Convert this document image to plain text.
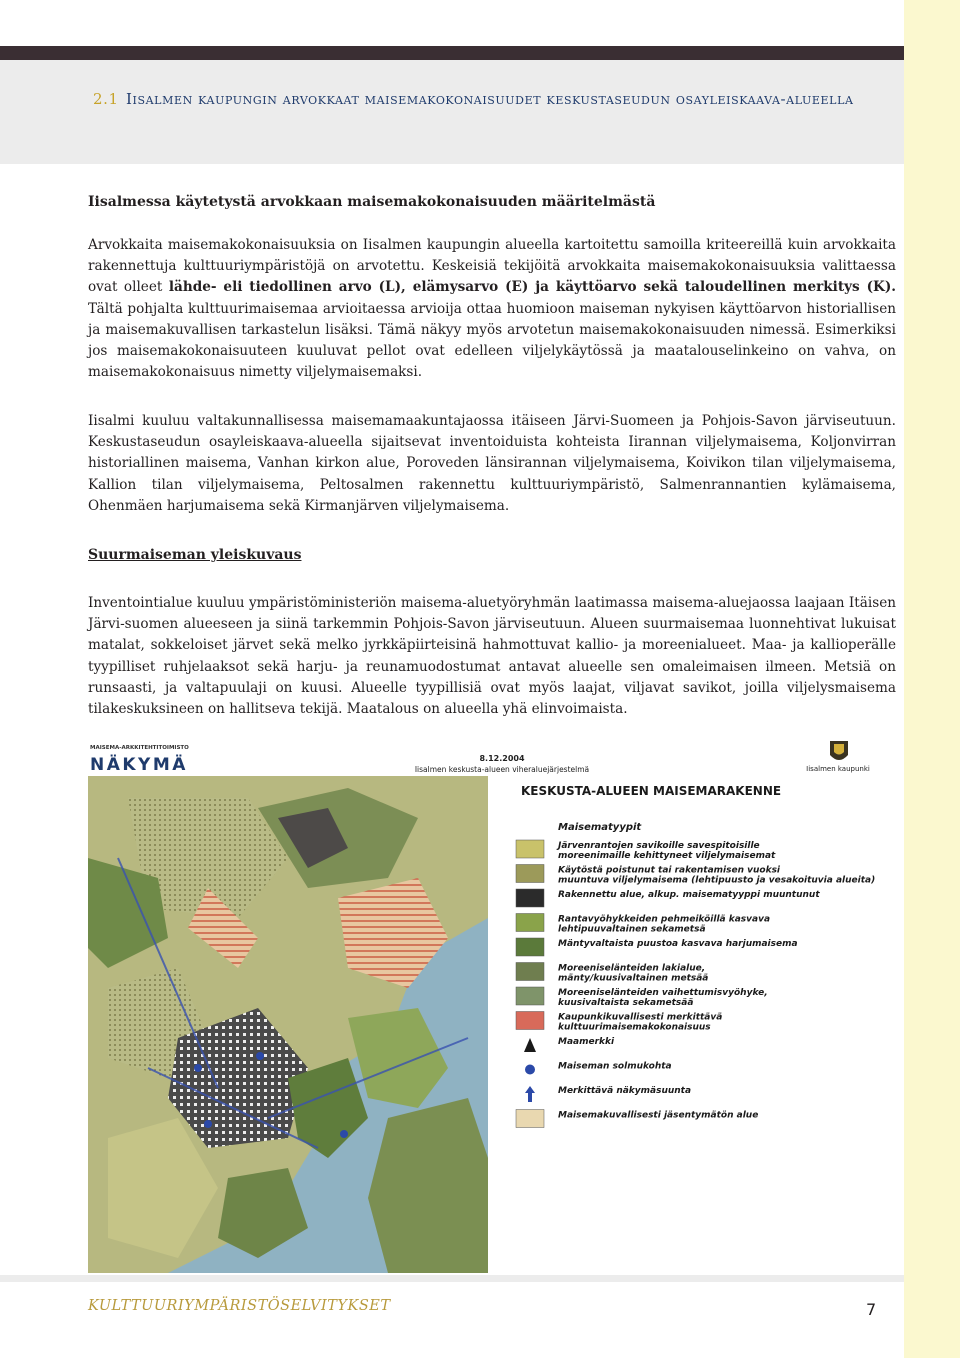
2.1 Iisalmen kaupungin arvokkaat maisemakokonaisuudet keskustaseudun osayleiskaava-alueella
Iisalmessa käytetystä arvokkaan maisemakokonaisuuden määritelmästä

Arvokkaita maisemakokonaisuuksia on Iisalmen kaupungin alueella kartoitettu samoilla kriteereillä kuin arvokkaita rakennettuja kulttuuriympäristöjä on arvotettu. Keskeisiä tekijöitä arvokkaita maisemakokonaisuuksia valittaessa ovat olleet lähde- eli tiedollinen arvo (L), elämysarvo (E) ja käyttöarvo sekä taloudellinen merkitys (K). Tältä pohjalta kulttuurimaisemaa arvioitaessa arvioija ottaa huomioon maiseman nykyisen käyttöarvon historiallisen ja maisemakuvallisen tarkastelun lisäksi. Tämä näkyy myös arvotetun maisemakokonaisuuden nimessä. Esimerkiksi jos maisemakokonaisuuteen kuuluvat pellot ovat edelleen viljelykäytössä ja maatalouselinkeino on vahva, on maisemakokonaisuus nimetty viljelymaisemaksi.

Iisalmi kuuluu valtakunnallisessa maisemamaakuntajaossa itäiseen Järvi-Suomeen ja Pohjois-Savon järviseutuun. Keskustaseudun osayleiskaava-alueella sijaitsevat inventoiduista kohteista Iirannan viljelymaisema, Koljonvirran historiallinen maisema, Vanhan kirkon alue, Poroveden länsirannan viljelymaisema, Koivikon tilan viljelymaisema, Kallion tilan viljelymaisema, Peltosalmen rakennettu kulttuuriympäristö, Salmenrannantien kylämaisema, Ohenmäen harjumaisema sekä Kirmanjärven viljelymaisema.

Suurmaiseman yleiskuvaus

Inventointialue kuuluu ympäristöministeriön maisema-aluetyöryhmän laatimassa maisema-aluejaossa laajaan Itäisen Järvi-suomen alueeseen ja siinä tarkemmin Pohjois-Savon järviseutuun. Alueen suurmaisemaa luonnehtivat lukuisat matalat, sokkeloiset järvet sekä melko jyrkkäpiirteisinä hahmottuvat kallio- ja moreenialueet. Maa- ja kallioperälle tyypilliset ruhjelaaksot sekä harju- ja reunamuodostumat antavat alueelle sen omaleimaisen ilmeen. Metsiä on runsaasti, ja valtapuulaji on kuusi. Alueelle tyypillisiä ovat myös laajat, viljavat savikot, joilla viljelysmaisema tilakeskuksineen on hallitseva tekijä. Maatalous on alueella yhä elinvoimaista.

MAISEMA-ARKKITEHTITOIMISTO
NÄKYMÄ	8.12.2004
Iisalmen keskusta-alueen viheraluejärjestelmä	Iisalmen kaupunki
KESKUSTA-ALUEEN MAISEMARAKENNE
Maisematyypit
Järvenrantojen savikoille savespitoisille moreenimaille kehittyneet viljelymaisemat
Käytöstä poistunut tai rakentamisen vuoksi muuntuva viljelymaisema (lehtipuusto ja vesakoituvia alueita)
Rakennettu alue, alkup. maisematyyppi muuntunut
Rantavyöhykkeiden pehmeiköillä kasvava lehtipuuvaltainen sekametsä
Mäntyvaltaista puustoa kasvava harjumaisema
Moreeniselänteiden lakialue, mänty/kuusivaltainen metsää
Moreeniselänteiden vaihettumisvyöhyke, kuusivaltaista sekametsää
Kaupunkikuvallisesti merkittävä kulttuurimaisemakokonaisuus
Maamerkki
Maiseman solmukohta
Merkittävä näkymäsuunta
Maisemakuvallisesti jäsentymätön alue
KULTTUURIYMPÄRISTÖSELVITYKSET	7
